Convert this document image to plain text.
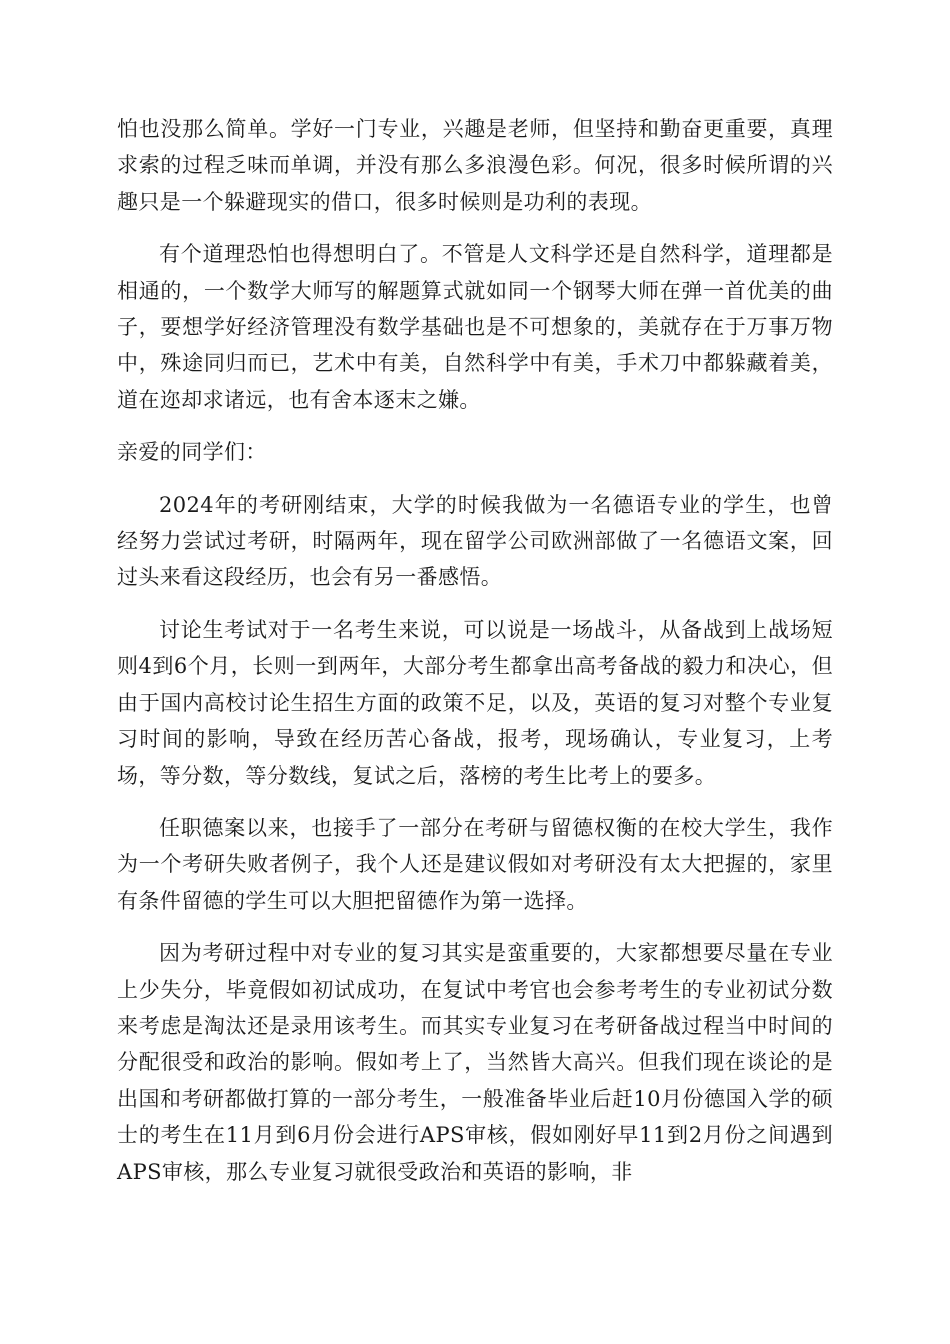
怕也没那么简单。学好一门专业，兴趣是老师，但坚持和勤奋更重要，真理求索的过程乏味而单调，并没有那么多浪漫色彩。何况，很多时候所谓的兴趣只是一个躲避现实的借口，很多时候则是功利的表现。

有个道理恐怕也得想明白了。不管是人文科学还是自然科学，道理都是相通的，一个数学大师写的解题算式就如同一个钢琴大师在弹一首优美的曲子，要想学好经济管理没有数学基础也是不可想象的，美就存在于万事万物中，殊途同归而已，艺术中有美，自然科学中有美，手术刀中都躲藏着美，道在迩却求诸远，也有舍本逐末之嫌。

亲爱的同学们：

2024年的考研刚结束，大学的时候我做为一名德语专业的学生，也曾经努力尝试过考研，时隔两年，现在留学公司欧洲部做了一名德语文案，回过头来看这段经历，也会有另一番感悟。

讨论生考试对于一名考生来说，可以说是一场战斗，从备战到上战场短则4到6个月，长则一到两年，大部分考生都拿出高考备战的毅力和决心，但由于国内高校讨论生招生方面的政策不足，以及，英语的复习对整个专业复习时间的影响，导致在经历苦心备战，报考，现场确认，专业复习，上考场，等分数，等分数线，复试之后，落榜的考生比考上的要多。

任职德案以来，也接手了一部分在考研与留德权衡的在校大学生，我作为一个考研失败者例子，我个人还是建议假如对考研没有太大把握的，家里有条件留德的学生可以大胆把留德作为第一选择。

因为考研过程中对专业的复习其实是蛮重要的，大家都想要尽量在专业上少失分，毕竟假如初试成功，在复试中考官也会参考考生的专业初试分数来考虑是淘汰还是录用该考生。而其实专业复习在考研备战过程当中时间的分配很受和政治的影响。假如考上了，当然皆大高兴。但我们现在谈论的是出国和考研都做打算的一部分考生，一般准备毕业后赶10月份德国入学的硕士的考生在11月到6月份会进行APS审核，假如刚好早11到2月份之间遇到APS审核，那么专业复习就很受政治和英语的影响，非
